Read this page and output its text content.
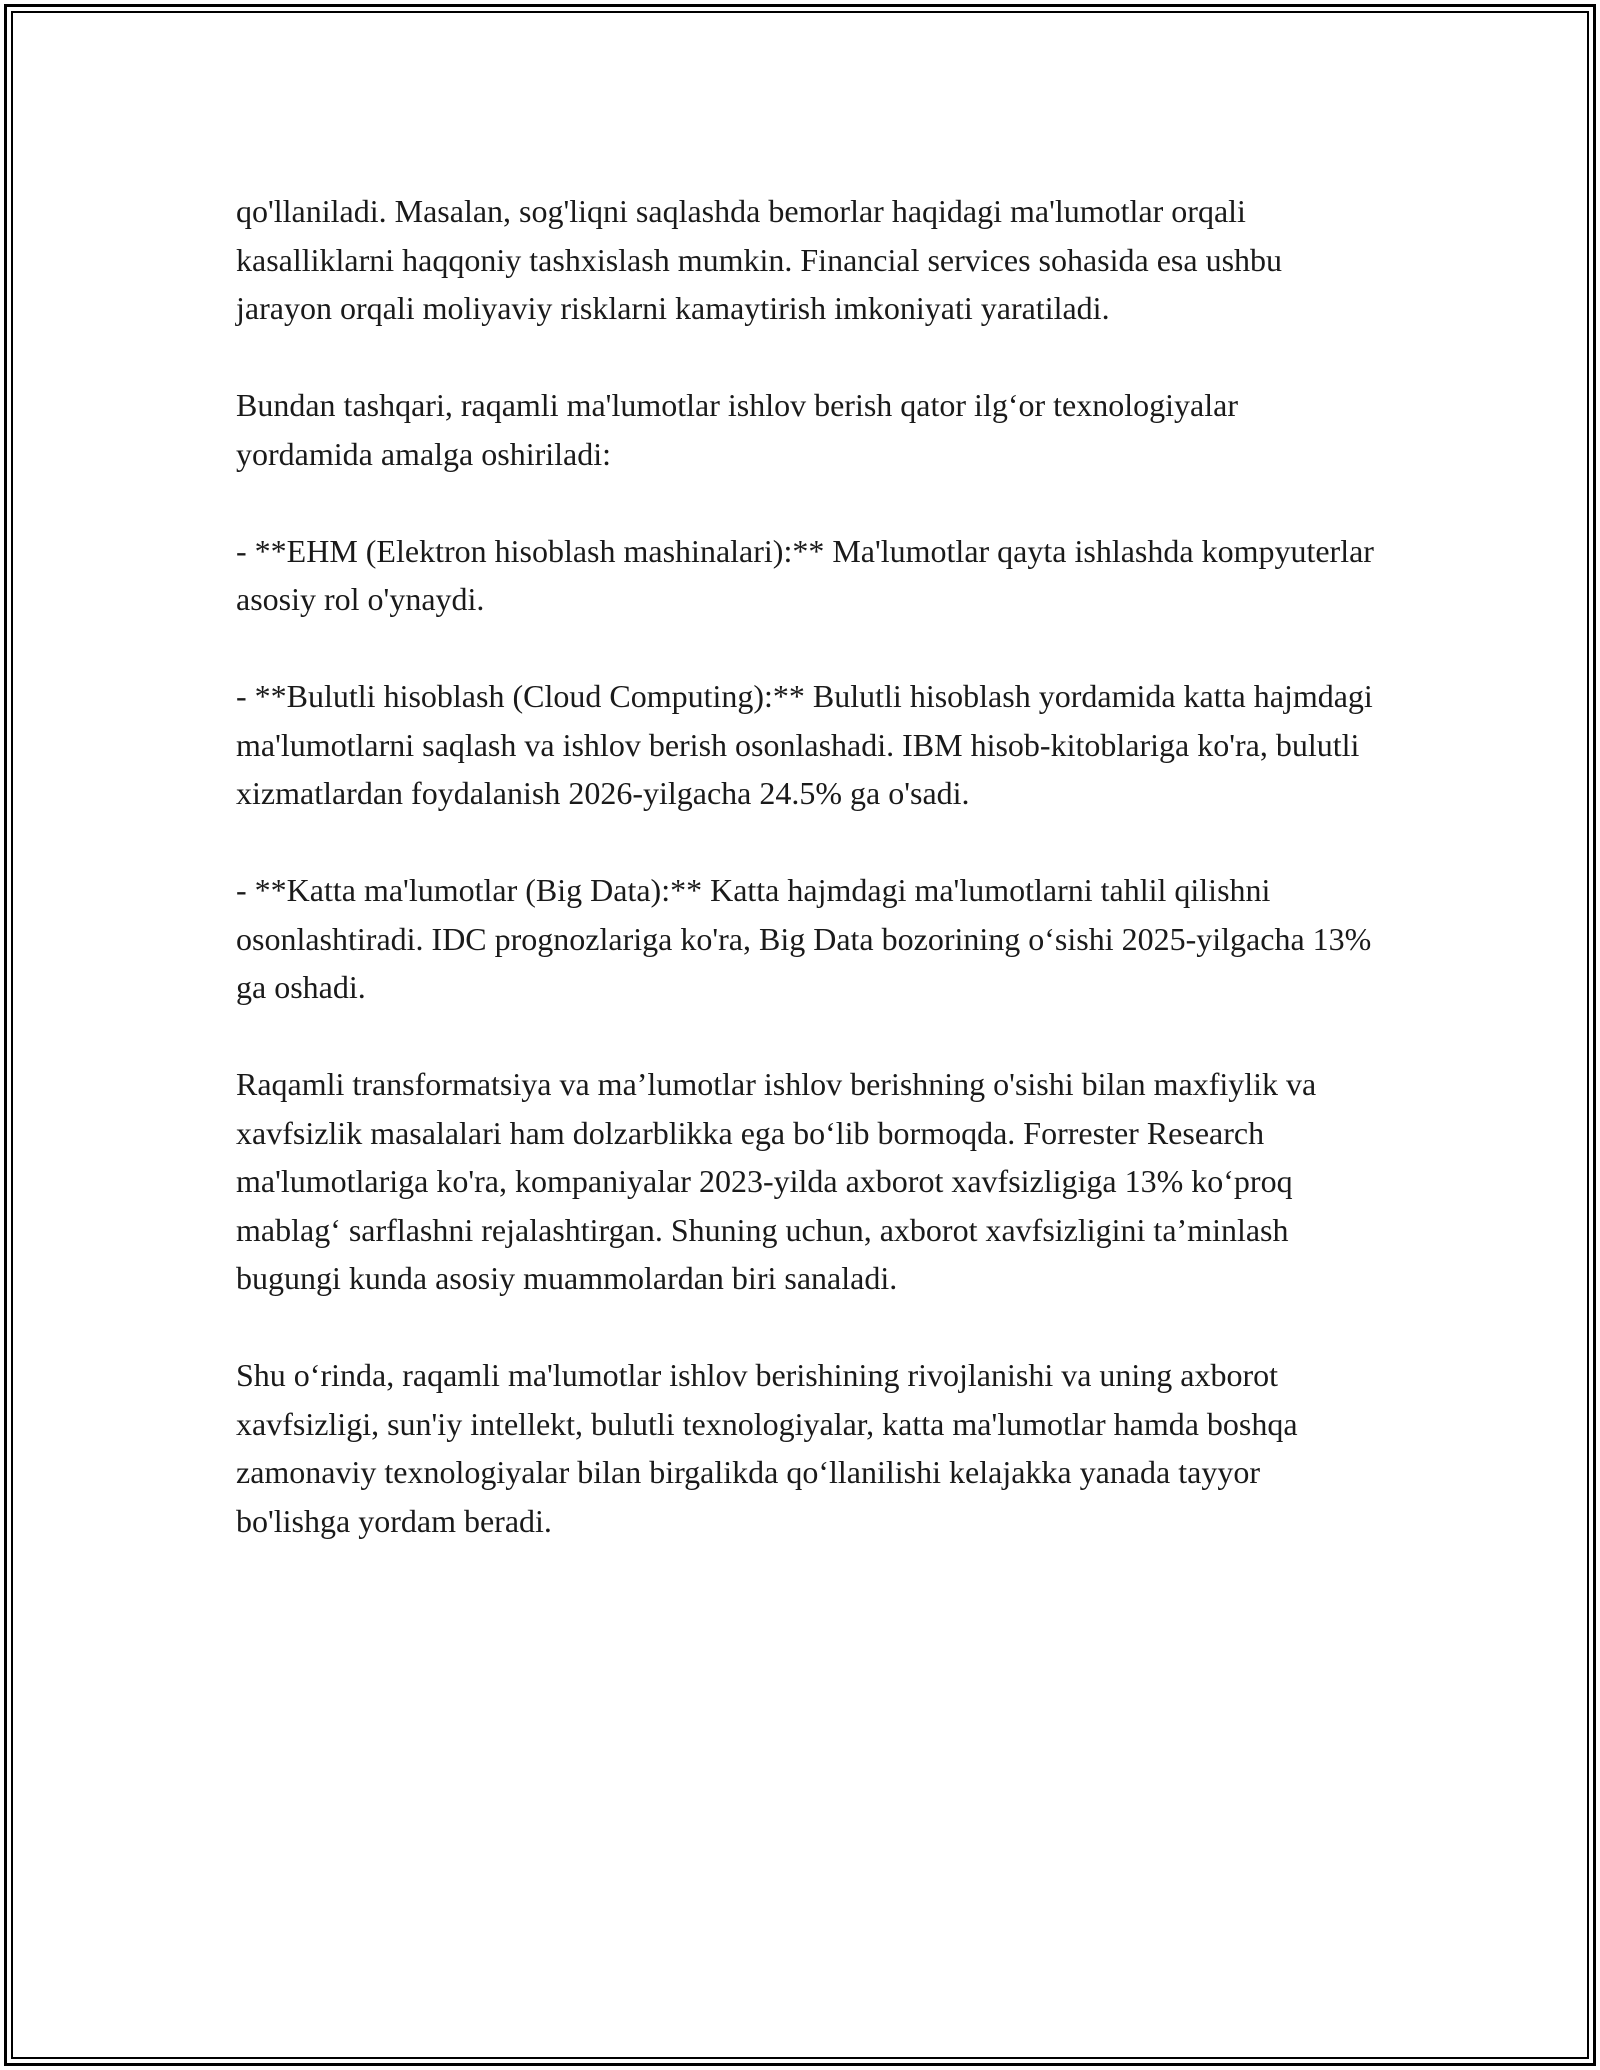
qo'llaniladi. Masalan, sog'liqni saqlashda bemorlar haqidagi ma'lumotlar orqali kasalliklarni haqqoniy tashxislash mumkin. Financial services sohasida esa ushbu jarayon orqali moliyaviy risklarni kamaytirish imkoniyati yaratiladi.

Bundan tashqari, raqamli ma'lumotlar ishlov berish qator ilg‘or texnologiyalar yordamida amalga oshiriladi:

- **EHM (Elektron hisoblash mashinalari):** Ma'lumotlar qayta ishlashda kompyuterlar asosiy rol o'ynaydi.

- **Bulutli hisoblash (Cloud Computing):** Bulutli hisoblash yordamida katta hajmdagi ma'lumotlarni saqlash va ishlov berish osonlashadi. IBM hisob-kitoblariga ko'ra, bulutli xizmatlardan foydalanish 2026-yilgacha 24.5% ga o'sadi.

- **Katta ma'lumotlar (Big Data):** Katta hajmdagi ma'lumotlarni tahlil qilishni osonlashtiradi. IDC prognozlariga ko'ra, Big Data bozorining o‘sishi 2025-yilgacha 13% ga oshadi.

Raqamli transformatsiya va ma’lumotlar ishlov berishning o'sishi bilan maxfiylik va xavfsizlik masalalari ham dolzarblikka ega bo‘lib bormoqda. Forrester Research ma'lumotlariga ko'ra, kompaniyalar 2023-yilda axborot xavfsizligiga 13% ko‘proq mablag‘ sarflashni rejalashtirgan. Shuning uchun, axborot xavfsizligini ta’minlash bugungi kunda asosiy muammolardan biri sanaladi.

Shu o‘rinda, raqamli ma'lumotlar ishlov berishining rivojlanishi va uning axborot xavfsizligi, sun'iy intellekt, bulutli texnologiyalar, katta ma'lumotlar hamda boshqa zamonaviy texnologiyalar bilan birgalikda qo‘llanilishi kelajakka yanada tayyor bo'lishga yordam beradi.
